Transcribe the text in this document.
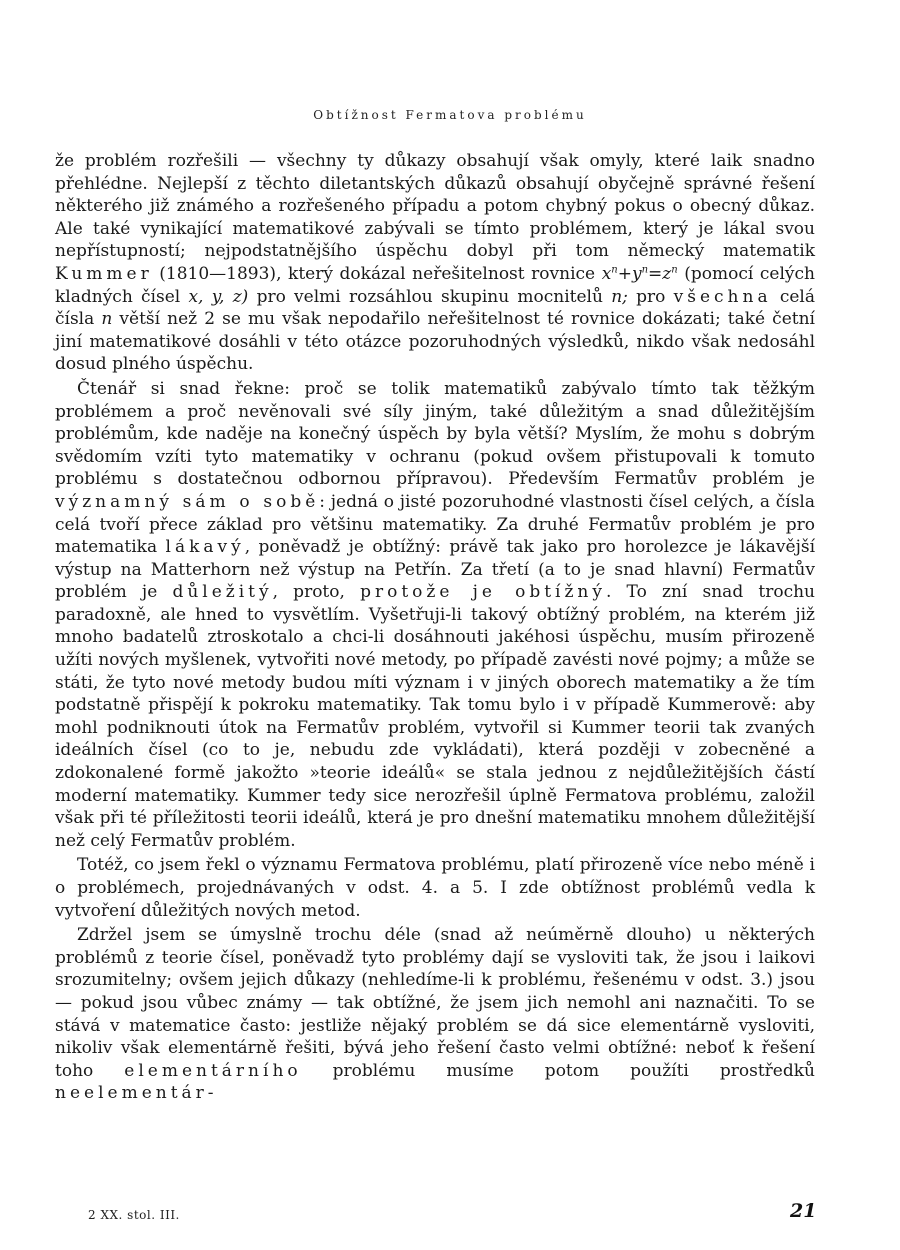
Obtížnost Fermatova problému

že problém rozřešili — všechny ty důkazy obsahují však omyly, které laik snadno přehlédne. Nejlepší z těchto diletantských důkazů obsahují obyčejně správné řešení některého již známého a rozřešeného případu a potom chybný pokus o obecný důkaz. Ale také vynikající matematikové zabývali se tímto problémem, který je lákal svou nepřístupností; nejpodstatnějšího úspěchu dobyl při tom německý matematik Kummer (1810—1893), který dokázal neřešitelnost rovnice $x^n+y^n=z^n$ (pomocí celých kladných čísel x, y, z) pro velmi rozsáhlou skupinu mocnitelů n; pro všechna celá čísla n větší než 2 se mu však nepodařilo neřešitelnost té rovnice dokázati; také četní jiní matematikové dosáhli v této otázce pozoruhodných výsledků, nikdo však nedosáhl dosud plného úspěchu.

Čtenář si snad řekne: proč se tolik matematiků zabývalo tímto tak těžkým problémem a proč nevěnovali své síly jiným, také důležitým a snad důležitějším problémům, kde naděje na konečný úspěch by byla větší? Myslím, že mohu s dobrým svědomím vzíti tyto matematiky v ochranu (pokud ovšem přistupovali k tomuto problému s dostatečnou odbornou přípravou). Především Fermatův problém je významný sám o sobě: jedná o jisté pozoruhodné vlastnosti čísel celých, a čísla celá tvoří přece základ pro většinu matematiky. Za druhé Fermatův problém je pro matematika lákavý, poněvadž je obtížný: právě tak jako pro horolezce je lákavější výstup na Matterhorn než výstup na Petřín. Za třetí (a to je snad hlavní) Fermatův problém je důležitý, proto, protože je obtížný. To zní snad trochu paradoxně, ale hned to vysvětlím. Vyšetřuji-li takový obtížný problém, na kterém již mnoho badatelů ztroskotalo a chci-li dosáhnouti jakéhosi úspěchu, musím přirozeně užíti nových myšlenek, vytvořiti nové metody, po případě zavésti nové pojmy; a může se státi, že tyto nové metody budou míti význam i v jiných oborech matematiky a že tím podstatně přispějí k pokroku matematiky. Tak tomu bylo i v případě Kummerově: aby mohl podniknouti útok na Fermatův problém, vytvořil si Kummer teorii tak zvaných ideálních čísel (co to je, nebudu zde vykládati), která později v zobecněné a zdokonalené formě jakožto »teorie ideálů« se stala jednou z nejdůležitějších částí moderní matematiky. Kummer tedy sice nerozřešil úplně Fermatova problému, založil však při té příležitosti teorii ideálů, která je pro dnešní matematiku mnohem důležitější než celý Fermatův problém.

Totéž, co jsem řekl o významu Fermatova problému, platí přirozeně více nebo méně i o problémech, projednávaných v odst. 4. a 5. I zde obtížnost problémů vedla k vytvoření důležitých nových metod.

Zdržel jsem se úmyslně trochu déle (snad až neúměrně dlouho) u některých problémů z teorie čísel, poněvadž tyto problémy dají se vysloviti tak, že jsou i laikovi srozumitelny; ovšem jejich důkazy (nehledíme-li k problému, řešenému v odst. 3.) jsou — pokud jsou vůbec známy — tak obtížné, že jsem jich nemohl ani naznačiti. To se stává v matematice často: jestliže nějaký problém se dá sice elementárně vysloviti, nikoliv však elementárně řešiti, bývá jeho řešení často velmi obtížné: neboť k řešení toho elementárního problému musíme potom použíti prostředků neelementár-

2 XX. stol. III.	21
